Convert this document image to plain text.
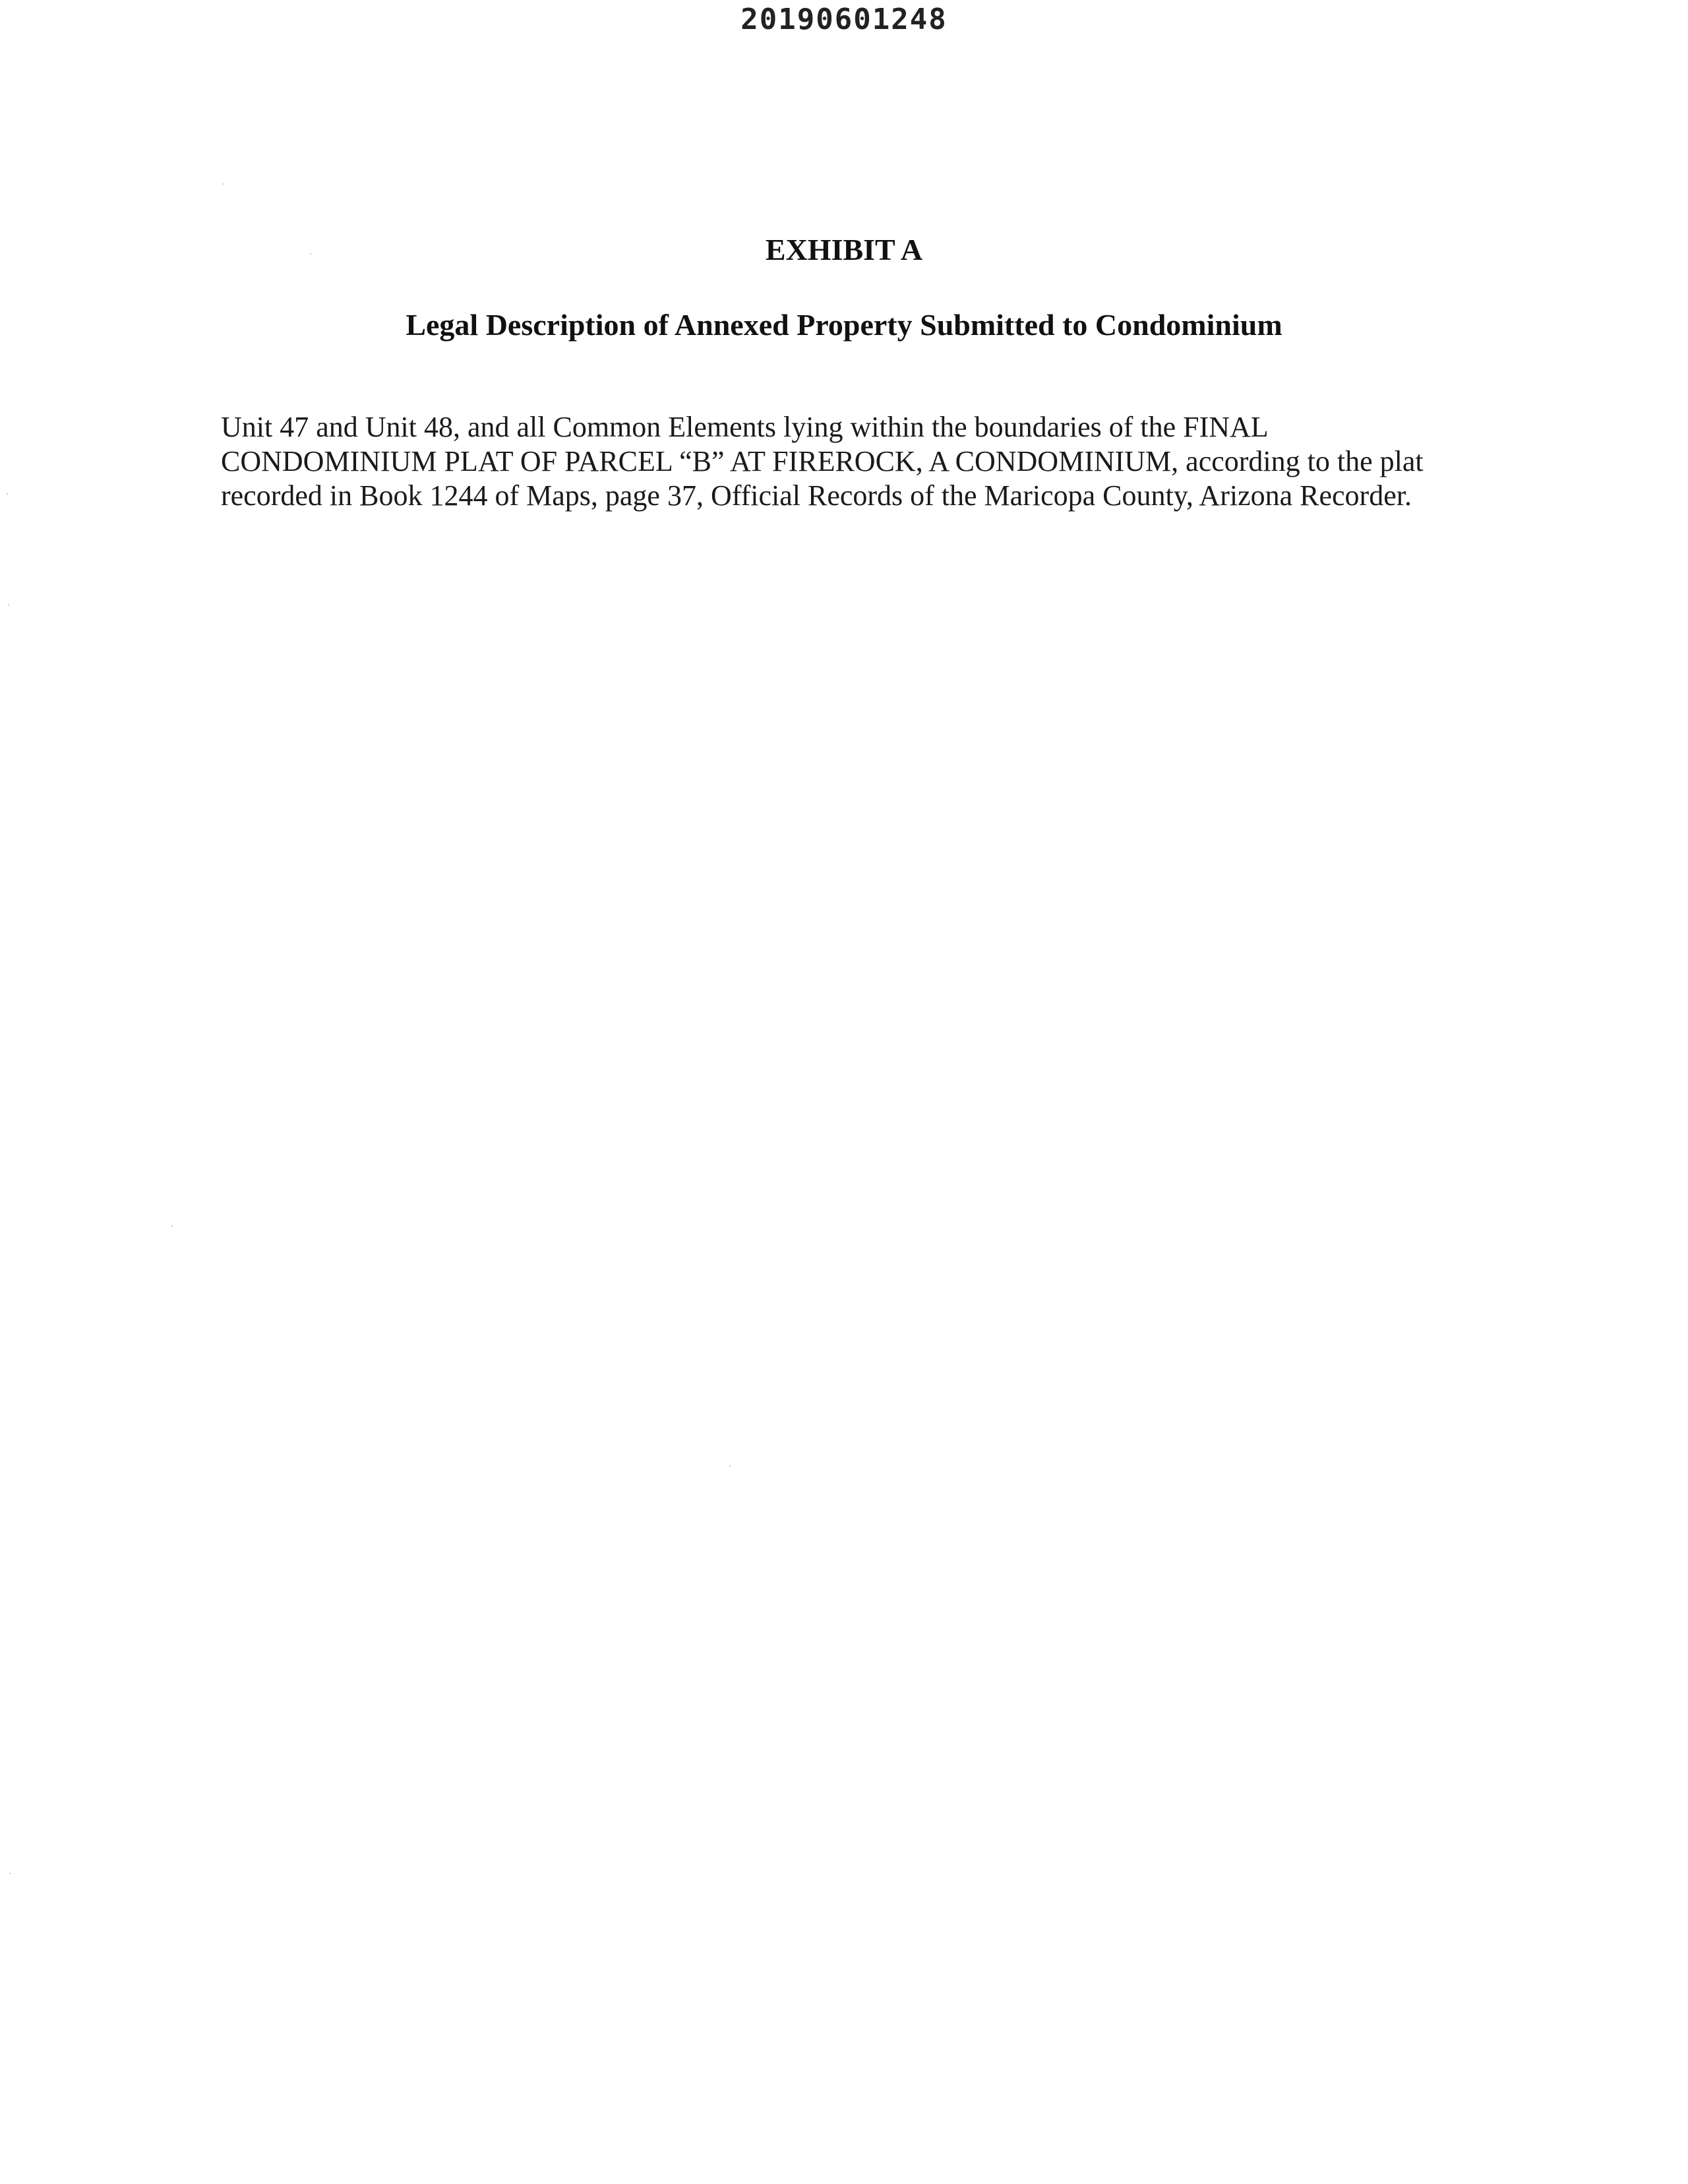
20190601248
EXHIBIT A
Legal Description of Annexed Property Submitted to Condominium

Unit 47 and Unit 48, and all Common Elements lying within the boundaries of the FINAL CONDOMINIUM PLAT OF PARCEL “B” AT FIREROCK, A CONDOMINIUM, according to the plat recorded in Book 1244 of Maps, page 37, Official Records of the Maricopa County, Arizona Recorder.
